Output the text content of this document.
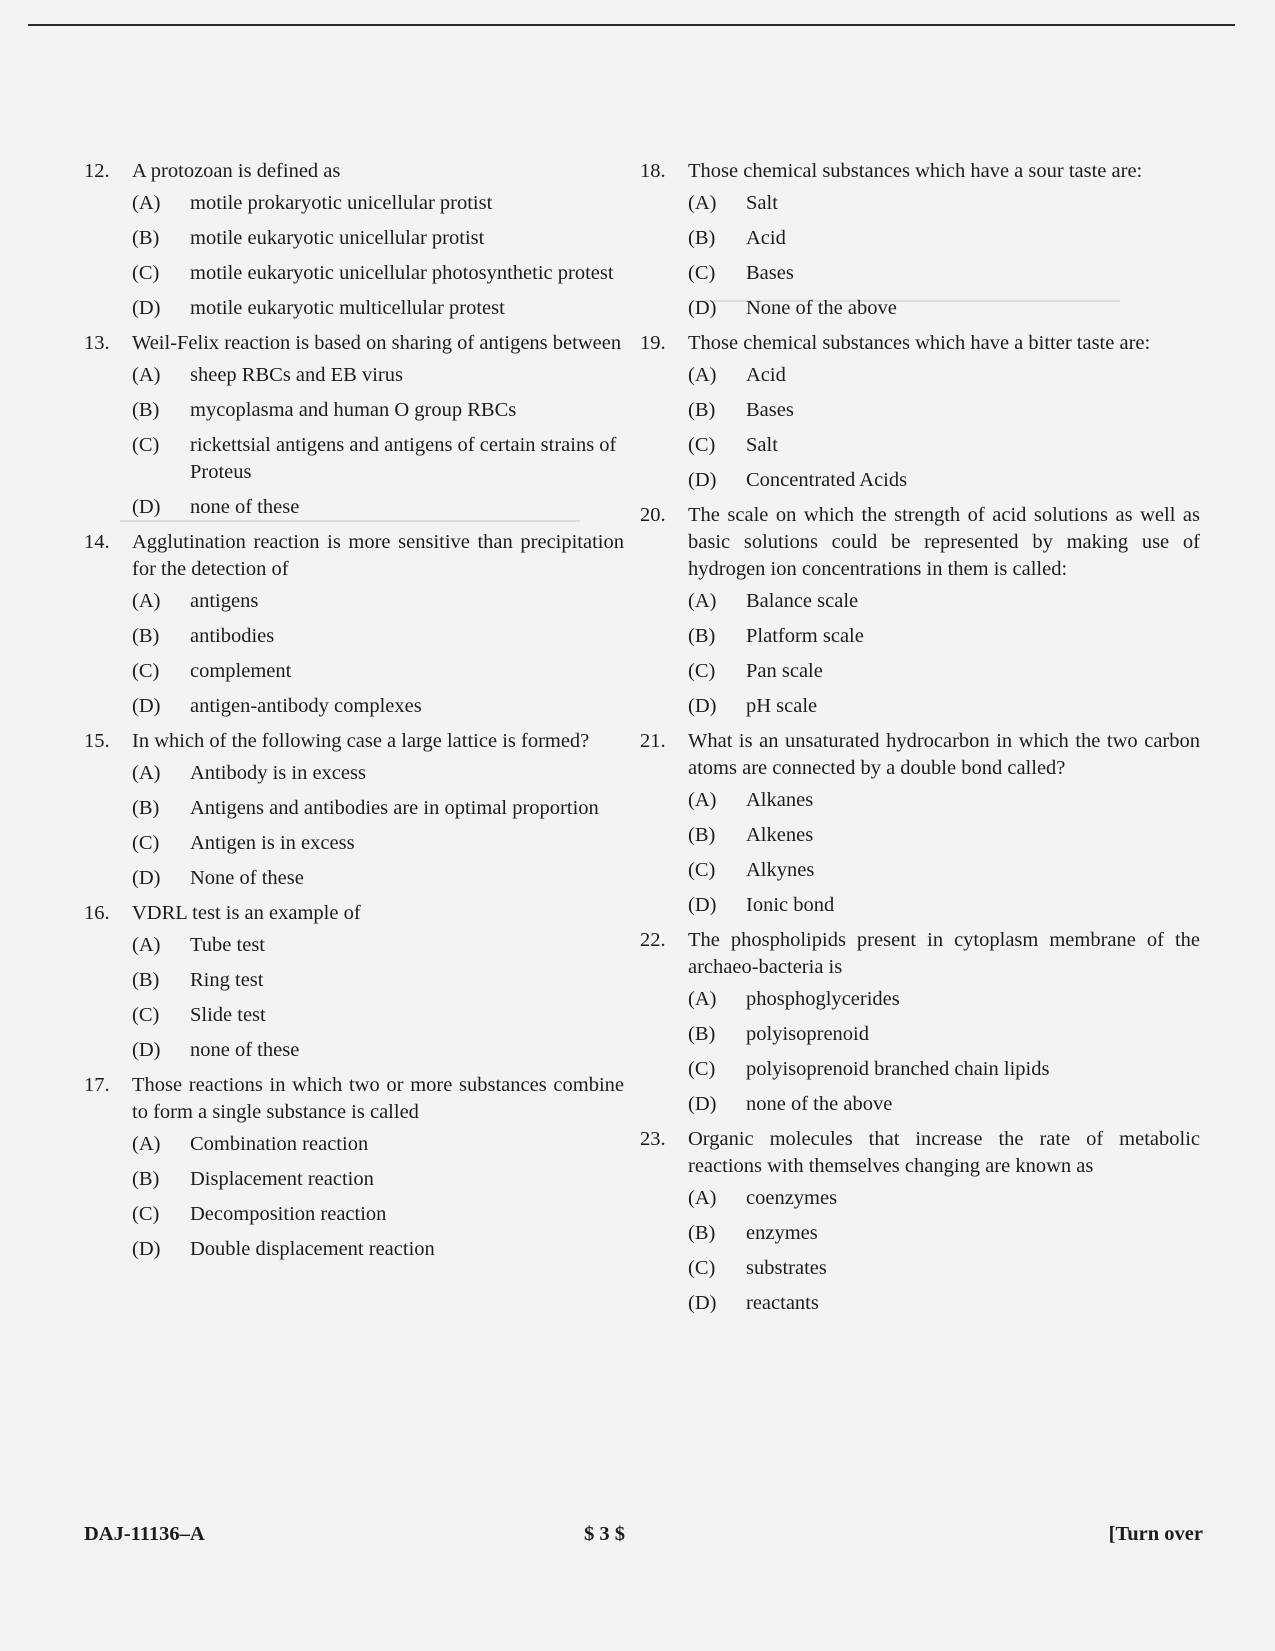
12.	A protozoan is defined as
(A)	motile prokaryotic unicellular protist
(B)	motile eukaryotic unicellular protist
(C)	motile eukaryotic unicellular photosynthetic protest
(D)	motile eukaryotic multicellular protest
13.	Weil-Felix reaction is based on sharing of antigens between
(A)	sheep RBCs and EB virus
(B)	mycoplasma and human O group RBCs
(C)	rickettsial antigens and antigens of certain strains of Proteus
(D)	none of these
14.	Agglutination reaction is more sensitive than precipitation for the detection of
(A)	antigens
(B)	antibodies
(C)	complement
(D)	antigen-antibody complexes
15.	In which of the following case a large lattice is formed?
(A)	Antibody is in excess
(B)	Antigens and antibodies are in optimal proportion
(C)	Antigen is in excess
(D)	None of these
16.	VDRL test is an example of
(A)	Tube test
(B)	Ring test
(C)	Slide test
(D)	none of these
17.	Those reactions in which two or more substances combine to form a single substance is called
(A)	Combination reaction
(B)	Displacement reaction
(C)	Decomposition reaction
(D)	Double displacement reaction
18.	Those chemical substances which have a sour taste are:
(A)	Salt
(B)	Acid
(C)	Bases
(D)	None of the above
19.	Those chemical substances which have a bitter taste are:
(A)	Acid
(B)	Bases
(C)	Salt
(D)	Concentrated Acids
20.	The scale on which the strength of acid solutions as well as basic solutions could be represented by making use of hydrogen ion concentrations in them is called:
(A)	Balance scale
(B)	Platform scale
(C)	Pan scale
(D)	pH scale
21.	What is an unsaturated hydrocarbon in which the two carbon atoms are connected by a double bond called?
(A)	Alkanes
(B)	Alkenes
(C)	Alkynes
(D)	Ionic bond
22.	The phospholipids present in cytoplasm membrane of the archaeo-bacteria is
(A)	phosphoglycerides
(B)	polyisoprenoid
(C)	polyisoprenoid branched chain lipids
(D)	none of the above
23.	Organic molecules that increase the rate of metabolic reactions with themselves changing are known as
(A)	coenzymes
(B)	enzymes
(C)	substrates
(D)	reactants
DAJ-11136–A	$ 3 $	[Turn over
